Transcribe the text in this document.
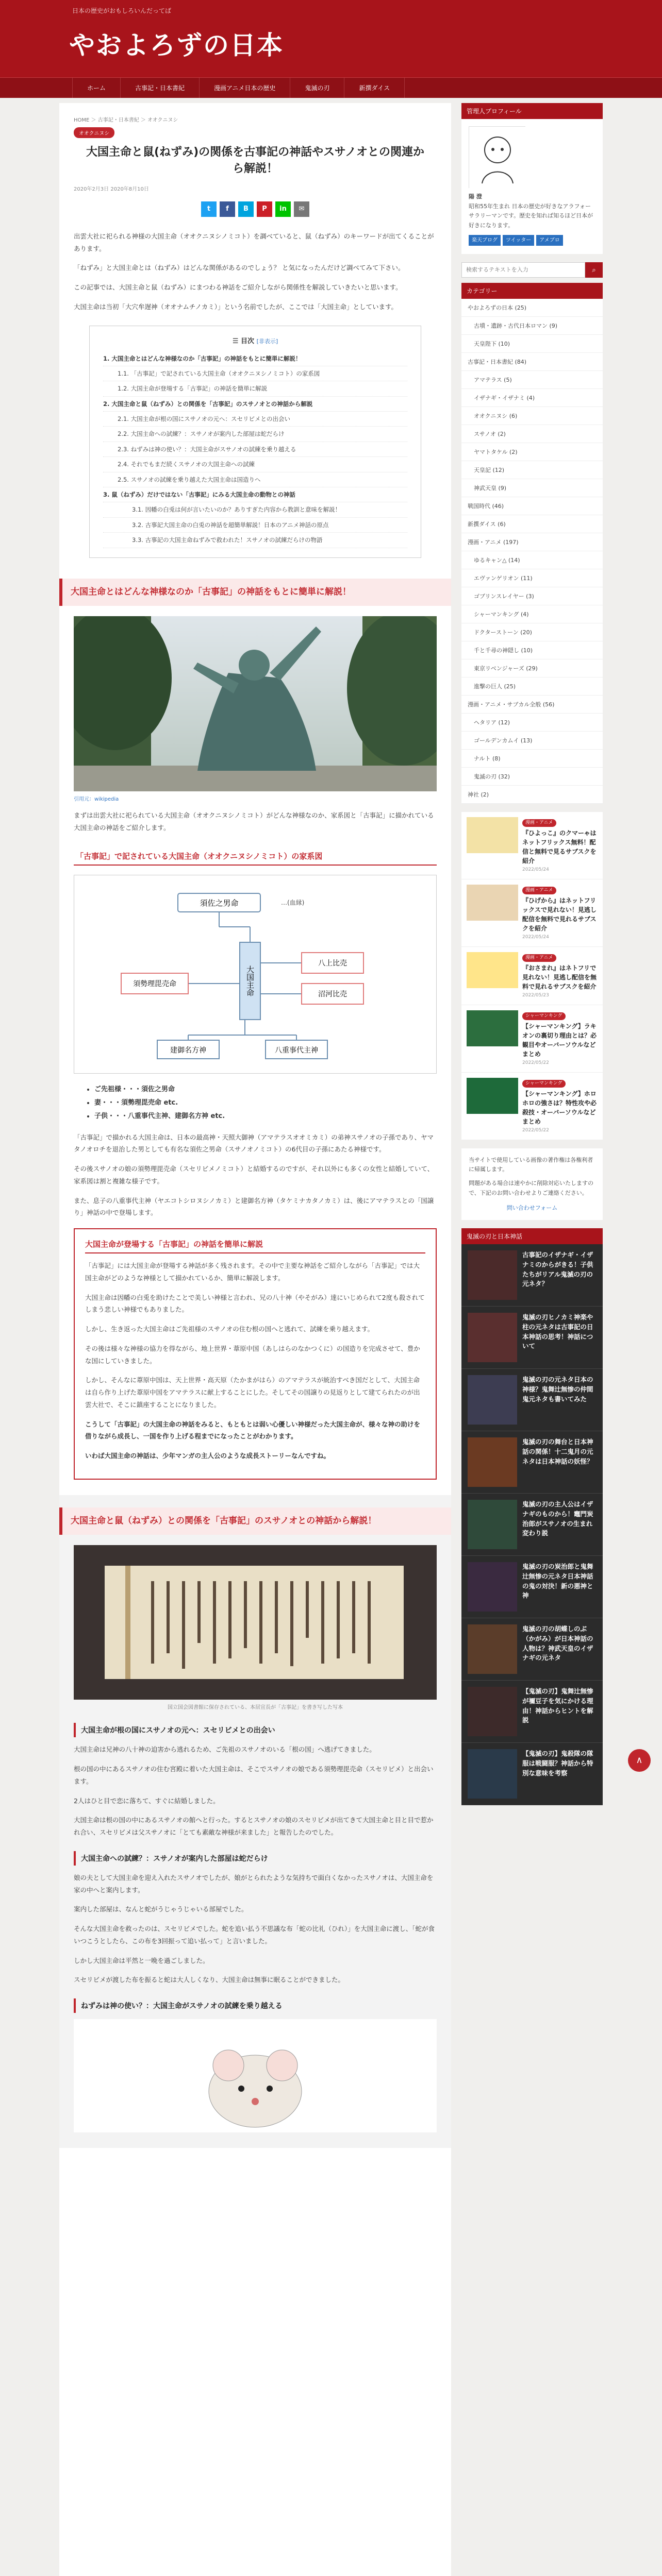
日本の歴史がおもしろいんだってば
やおよろずの日本
ホーム	古事記・日本書紀	漫画アニメ日本の歴史	鬼滅の刃	新撰ダイス
HOME ＞ 古事記・日本書紀 ＞ オオクニヌシ
オオクニヌシ
大国主命と鼠(ねずみ)の関係を古事記の神話やスサノオとの関連から解説！
2020年2月3日 2020年8月10日
t	f	B	P	in	✉

出雲大社に祀られる神様の大国主命（オオクニヌシノミコト）を調べていると、鼠（ねずみ）のキーワードが出てくることがあります。

「ねずみ」と大国主命とは（ねずみ）はどんな関係があるのでしょう？ と気になったんだけど調べてみて下さい。

この記事では、大国主命と鼠（ねずみ）にまつわる神話をご紹介しながら関係性を解説していきたいと思います。

大国主命は当初「大穴牟遅神（オオナムチノカミ）」という名前でしたが、ここでは「大国主命」としています。

☰ 目次 [非表示]
1. 大国主命とはどんな神様なのか「古事記」の神話をもとに簡単に解説！
1.1. 「古事記」で記されている大国主命（オオクニヌシノミコト）の家系図
1.2. 大国主命が登場する「古事記」の神話を簡単に解説
2. 大国主命と鼠（ねずみ）との関係を「古事記」のスサノオとの神話から解説
2.1. 大国主命が根の国にスサノオの元へ：スセリビメとの出会い
2.2. 大国主命への試練？：スサノオが案内した部屋は蛇だらけ
2.3. ねずみは神の使い？：大国主命がスサノオの試練を乗り越える
2.4. それでもまだ続くスサノオの大国主命への試練
2.5. スサノオの試練を乗り越えた大国主命は国造りへ
3. 鼠（ねずみ）だけではない「古事記」にみる大国主命の動物との神話
3.1. 因幡の白兎は何が言いたいのか？ありすぎた内容から教訓と意味を解説！
3.2. 古事記大国主命の白兎の神話を超簡単解説！日本のアニメ神話の原点
3.3. 古事記の大国主命ねずみで救われた！スサノオの試練だらけの物語
大国主命とはどんな神様なのか「古事記」の神話をもとに簡単に解説！
引用元：wikipedia

まずは出雲大社に祀られている大国主命（オオクニヌシノミコト）がどんな神様なのか、家系図と「古事記」に描かれている大国主命の神話をご紹介します。

「古事記」で記されている大国主命（オオクニヌシノミコト）の家系図
須佐之男命	…(血縁)
大国主命
須勢理毘売命
八上比売
沼河比売
建御名方神	八重事代主神
• ご先祖様・・・須佐之男命
• 妻・・・須勢理毘売命 etc.
• 子供・・・八重事代主神、建御名方神 etc.

「古事記」で描かれる大国主命は、日本の最高神・天照大御神（アマテラスオオミカミ）の弟神スサノオの子孫であり、ヤマタノオロチを退治した男としても有名な須佐之男命（スサノオノミコト）の6代目の子孫にあたる神様です。

その後スサノオの娘の須勢理毘売命（スセリビメノミコト）と結婚するのですが、それ以外にも多くの女性と結婚していて、家系図は割と複雑な様子です。

また、息子の八重事代主神（ヤエコトシロヌシノカミ）と建御名方神（タケミナカタノカミ）は、後にアマテラスとの「国譲り」神話の中で登場します。

大国主命が登場する「古事記」の神話を簡単に解説

「古事記」には大国主命が登場する神話が多く残されます。その中で主要な神話をご紹介しながら「古事記」では大国主命がどのような神様として描かれているか、簡単に解説します。

大国主命は因幡の白兎を助けたことで美しい神様と言われ、兄の八十神（やそがみ）達にいじめられて2度も殺されてしまう悲しい神様でもありました。

しかし、生き返った大国主命はご先祖様のスサノオの住む根の国へと逃れて、試練を乗り越えます。

その後は様々な神様の協力を得ながら、地上世界・葦原中国（あしはらのなかつくに）の国造りを完成させて、豊かな国にしていきました。

しかし、そんなに葦原中国は、天上世界・高天原（たかまがはら）のアマテラスが統治すべき国だとして、大国主命は自ら作り上げた葦原中国をアマテラスに献上することにした。そしてその国譲りの見返りとして建てられたのが出雲大社で、そこに鎮座することになりました。

こうして「古事記」の大国主命の神話をみると、もともとは弱い心優しい神様だった大国主命が、様々な神の助けを借りながら成長し、一国を作り上げる程までになったことがわかります。

いわば大国主命の神話は、少年マンガの主人公のような成長ストーリーなんですね。

大国主命と鼠（ねずみ）との関係を「古事記」のスサノオとの神話から解説！
国立国会図書館に保存されている、本居宣長が「古事記」を書き写した写本
大国主命が根の国にスサノオの元へ：スセリビメとの出会い

大国主命は兄神の八十神の迫害から逃れるため、ご先祖のスサノオのいる「根の国」へ逃げてきました。

根の国の中にあるスサノオの住む宮殿に着いた大国主命は、そこでスサノオの娘である須勢理毘売命（スセリビメ）と出会います。

2人はひと目で恋に落ちて、すぐに結婚しました。

大国主命は根の国の中にあるスサノオの館へと行った。するとスサノオの娘のスセリビメが出てきて大国主命と目と目で惹かれ合い、スセリビメは父スサノオに「とても素敵な神様が来ました」と報告したのでした。

大国主命への試練？：スサノオが案内した部屋は蛇だらけ

娘の夫として大国主命を迎え入れたスサノオでしたが、娘がとられたような気持ちで面白くなかったスサノオは、大国主命を家の中へと案内します。

案内した部屋は、なんと蛇がうじゃうじゃいる部屋でした。

そんな大国主命を救ったのは、スセリビメでした。蛇を追い払う不思議な布「蛇の比礼（ひれ）」を大国主命に渡し、「蛇が食いつこうとしたら、この布を3回振って追い払って」と言いました。

しかし大国主命は平然と一晩を過ごしました。

スセリビメが渡した布を振ると蛇は大人しくなり、大国主命は無事に眠ることができました。

ねずみは神の使い？：大国主命がスサノオの試練を乗り越える
管理人プロフィール
陽 澄
昭和55年生まれ 日本の歴史が好きなアラフォーサラリーマンです。歴史を知れば知るほど日本が好きになります。
楽天ブログ ツイッター アメブロ
検索するテキストを入力
⌕
カテゴリー
やおよろずの日本 (25)
古墳・遺跡・古代日本ロマン (9)
天皇陛下 (10)
古事記・日本書紀 (84)
アマテラス (5)
イザナギ・イザナミ (4)
オオクニヌシ (6)
スサノオ (2)
ヤマトタケル (2)
天皇記 (12)
神武天皇 (9)
戦国時代 (46)
新撰ダイス (6)
漫画・アニメ (197)
ゆるキャン△ (14)
エヴァンゲリオン (11)
ゴブリンスレイヤー (3)
シャーマンキング (4)
ドクターストーン (20)
千と千尋の神隠し (10)
東京リベンジャーズ (29)
進撃の巨人 (25)
漫画・アニメ・サブカル全般 (56)
ヘタリア (12)
ゴールデンカムイ (13)
ナルト (8)
鬼滅の刃 (32)
神社 (2)
漫画・アニメ
『ひよっこ』のクマーゃはネットフリックス無料！配信と無料で見るサブスクを紹介
2022/05/24
漫画・アニメ
『ひげから』はネットフリックスで見れない！見逃し配信を無料で見れるサブスクを紹介
2022/05/24
漫画・アニメ
『おさまれ』はネトフリで見れない！見逃し配信を無料で見れるサブスクを紹介
2022/05/23
シャーマンキング
【シャーマンキング】ラキオンの裏切り理由とは？必観目やオーバーソウルなどまとめ
2022/05/22
シャーマンキング
【シャーマンキング】ホロホロの強さは？特性攻や必殺技・オーバーソウルなどまとめ
2022/05/22

当サイトで使用している画像の著作権は各権利者に帰属します。

問題がある場合は速やかに削除対応いたしますので、下記のお問い合わせよりご連絡ください。

問い合わせフォーム
鬼滅の刃と日本神話
古事記のイザナギ・イザナミのからがきる！子供たちがリアル鬼滅の刃の元ネタ？
鬼滅の刃ヒノカミ神楽や柱の元ネタは古事記の日本神話の思考！神話について
鬼滅の刃の元ネタ日本の神様？鬼舞辻無惨の仲間鬼元ネタも書いてみた
鬼滅の刃の舞台と日本神話の関係！十二鬼月の元ネタは日本神話の妖怪？
鬼滅の刃の主人公はイザナギのものから！竈門炭治郎がスサノオの生まれ変わり説
鬼滅の刃の炭治郎と鬼舞辻無惨の元ネタ日本神話の鬼の対決！新の悪神と神
鬼滅の刃の胡蝶しのぶ（かがみ）が日本神話の人物は？神武天皇のイザナギの元ネタ
【鬼滅の刃】鬼舞辻無惨が禰豆子を気にかける理由！神話からヒントを解説
【鬼滅の刃】鬼殺隊の隊服は戦闘服？神話から特別な意味を考察
∧
